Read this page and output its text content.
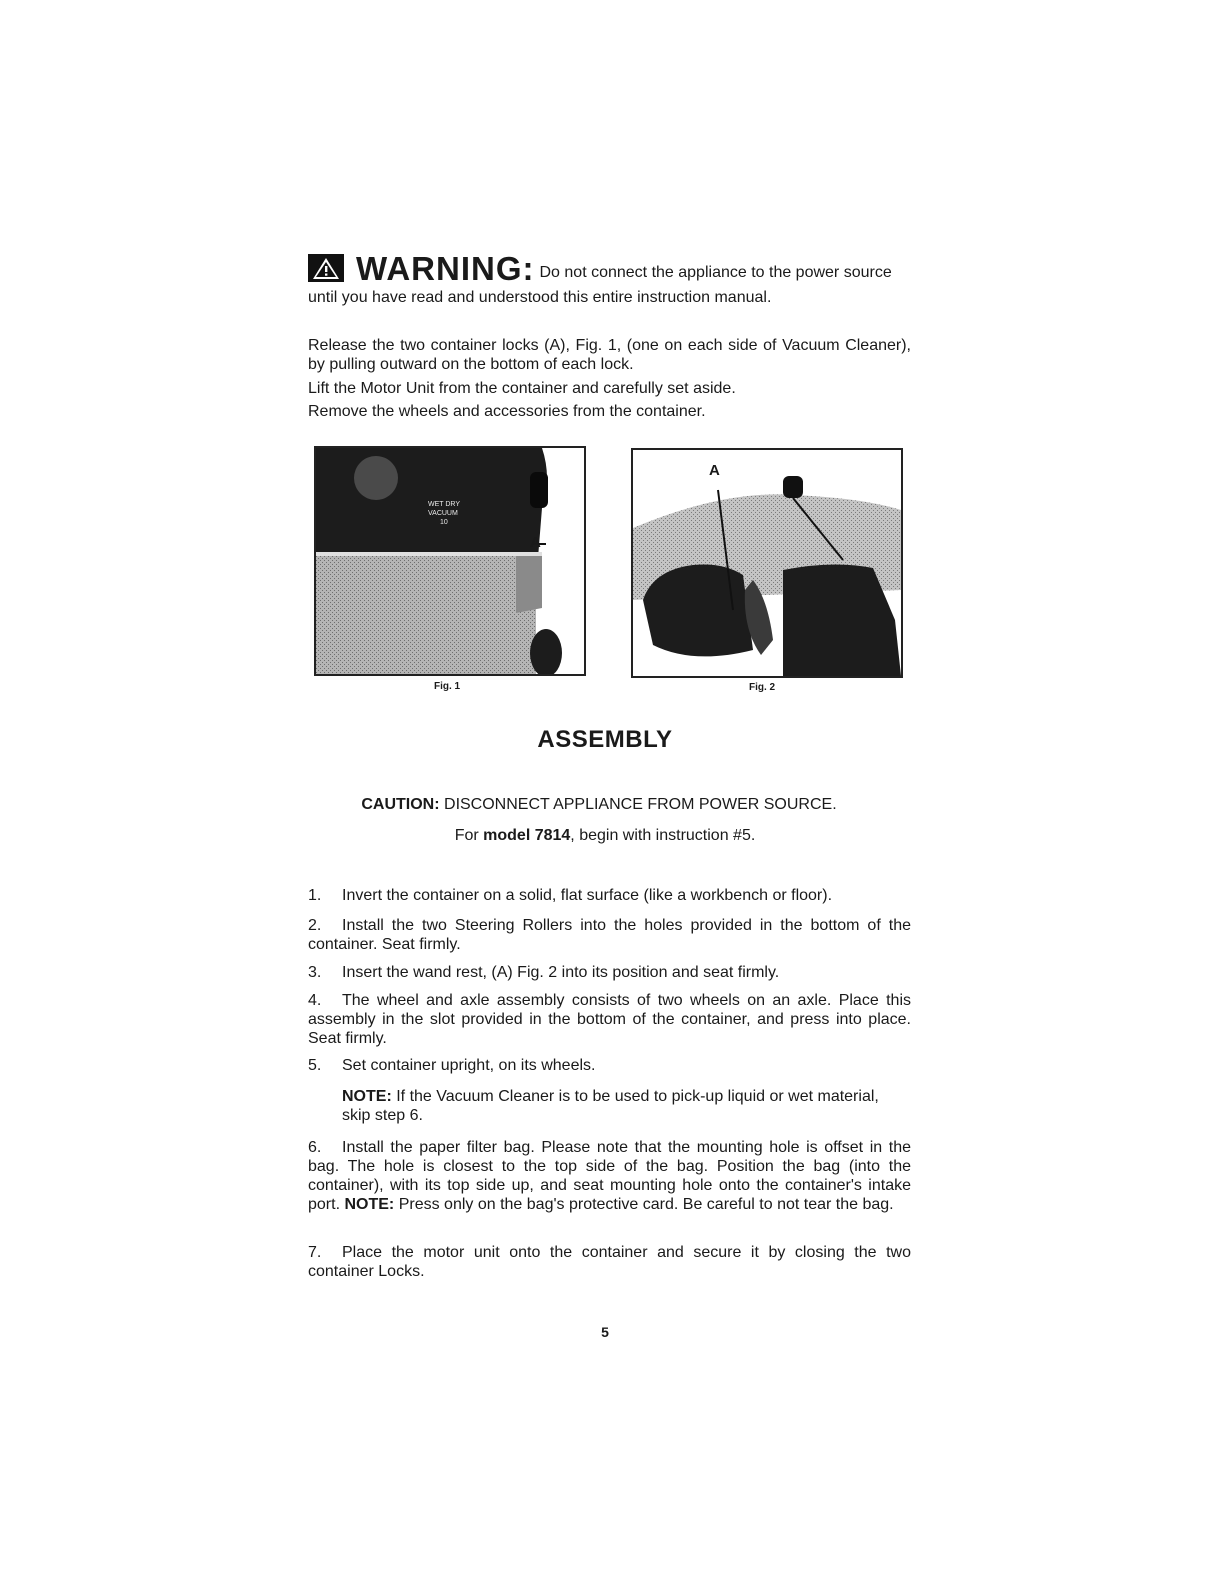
WARNING : Do not connect the appliance to the power source
until you have read and understood this entire instruction manual.
Release the two container locks (A), Fig. 1, (one on each side of Vacuum Cleaner), by pulling outward on the bottom of each lock.
Lift the Motor Unit from the container and carefully set aside.
Remove the wheels and accessories from the container.
WET DRY
VACUUM
10
A
Fig. 1
A
Fig. 2
ASSEMBLY
CAUTION: DISCONNECT APPLIANCE FROM POWER SOURCE.
For model 7814, begin with instruction #5.
1. Invert the container on a solid, flat surface (like a workbench or floor).
2. Install the two Steering Rollers into the holes provided in the bottom of the container. Seat firmly.
3. Insert the wand rest, (A) Fig. 2 into its position and seat firmly.
4. The wheel and axle assembly consists of two wheels on an axle. Place this assembly in the slot provided in the bottom of the container, and press into place. Seat firmly.
5. Set container upright, on its wheels.
NOTE: If the Vacuum Cleaner is to be used to pick-up liquid or wet material, skip step 6.
6. Install the paper filter bag. Please note that the mounting hole is offset in the bag. The hole is closest to the top side of the bag. Position the bag (into the container), with its top side up, and seat mounting hole onto the container's intake port. NOTE: Press only on the bag's protective card. Be careful to not tear the bag.
7. Place the motor unit onto the container and secure it by closing the two container Locks.
5
